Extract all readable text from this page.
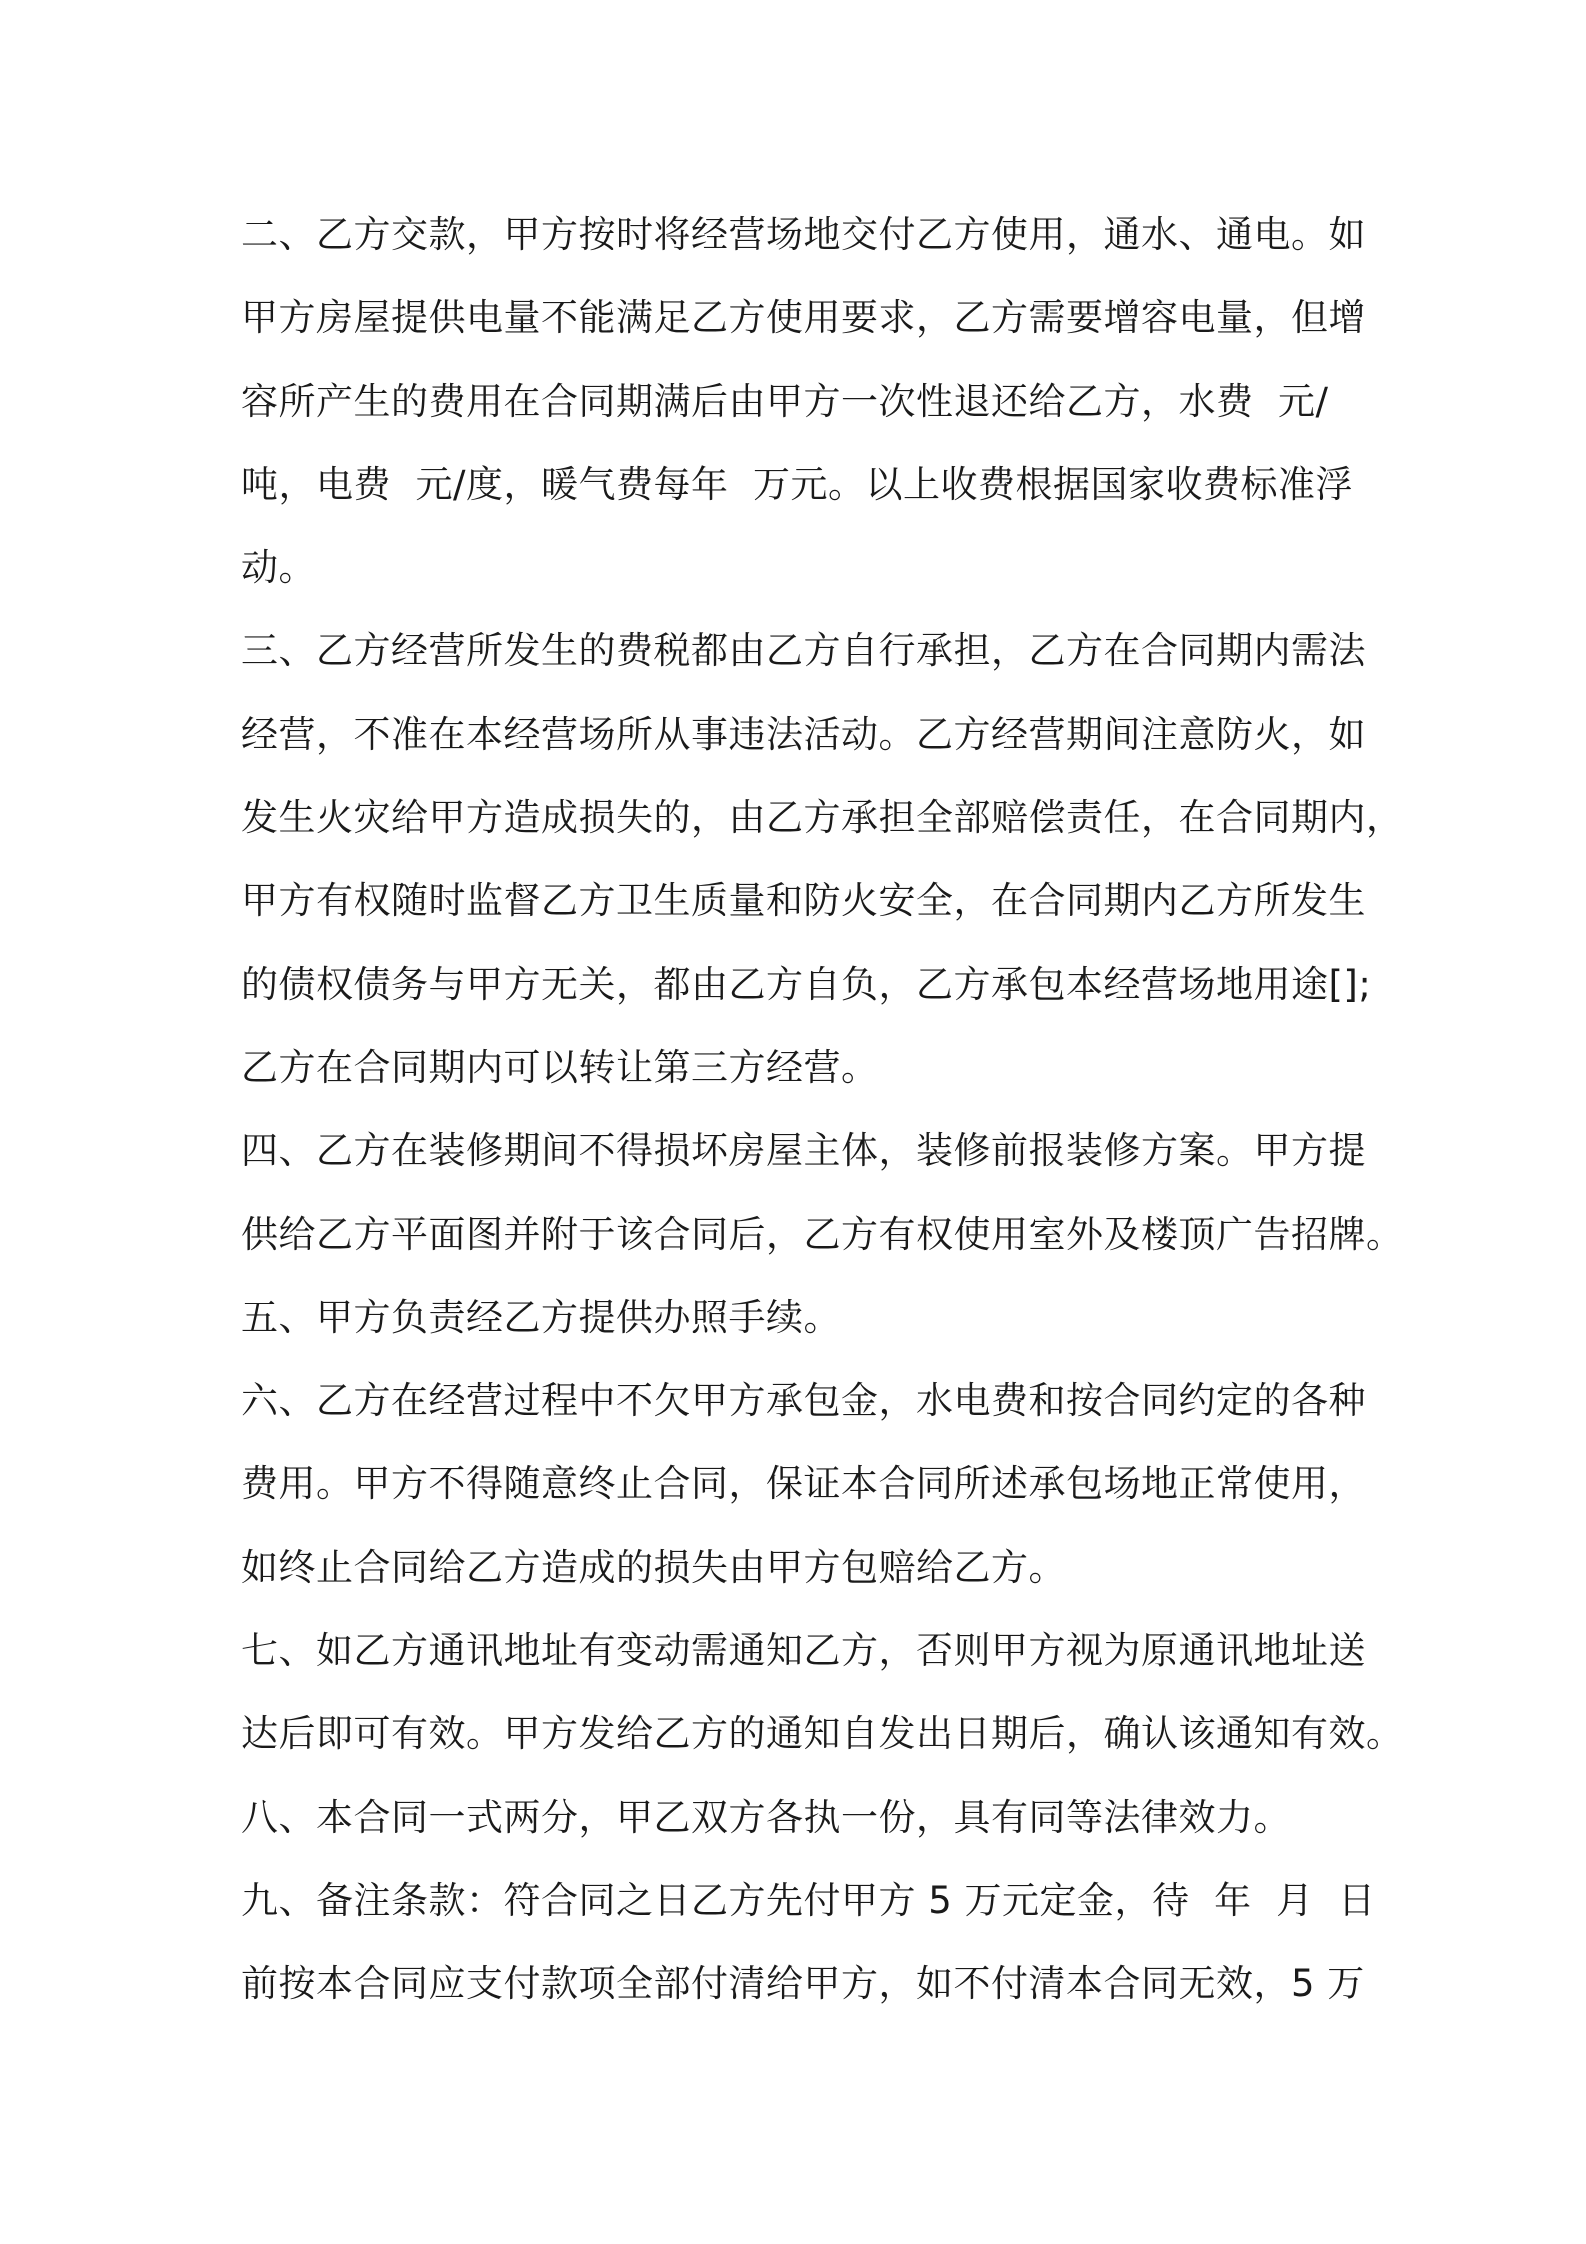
二、乙方交款，甲方按时将经营场地交付乙方使用，通水、通电。如
甲方房屋提供电量不能满足乙方使用要求，乙方需要增容电量，但增
容所产生的费用在合同期满后由甲方一次性退还给乙方，水费  元/
吨，电费  元/度，暖气费每年  万元。以上收费根据国家收费标准浮
动。
三、乙方经营所发生的费税都由乙方自行承担，乙方在合同期内需法
经营，不准在本经营场所从事违法活动。乙方经营期间注意防火，如
发生火灾给甲方造成损失的，由乙方承担全部赔偿责任，在合同期内，
甲方有权随时监督乙方卫生质量和防火安全，在合同期内乙方所发生
的债权债务与甲方无关，都由乙方自负，乙方承包本经营场地用途[];
乙方在合同期内可以转让第三方经营。
四、乙方在装修期间不得损坏房屋主体，装修前报装修方案。甲方提
供给乙方平面图并附于该合同后，乙方有权使用室外及楼顶广告招牌。
五、甲方负责经乙方提供办照手续。
六、乙方在经营过程中不欠甲方承包金，水电费和按合同约定的各种
费用。甲方不得随意终止合同，保证本合同所述承包场地正常使用，
如终止合同给乙方造成的损失由甲方包赔给乙方。
七、如乙方通讯地址有变动需通知乙方，否则甲方视为原通讯地址送
达后即可有效。甲方发给乙方的通知自发出日期后，确认该通知有效。
八、本合同一式两分，甲乙双方各执一份，具有同等法律效力。
九、备注条款：符合同之日乙方先付甲方 5 万元定金，待  年  月  日
前按本合同应支付款项全部付清给甲方，如不付清本合同无效，5 万
